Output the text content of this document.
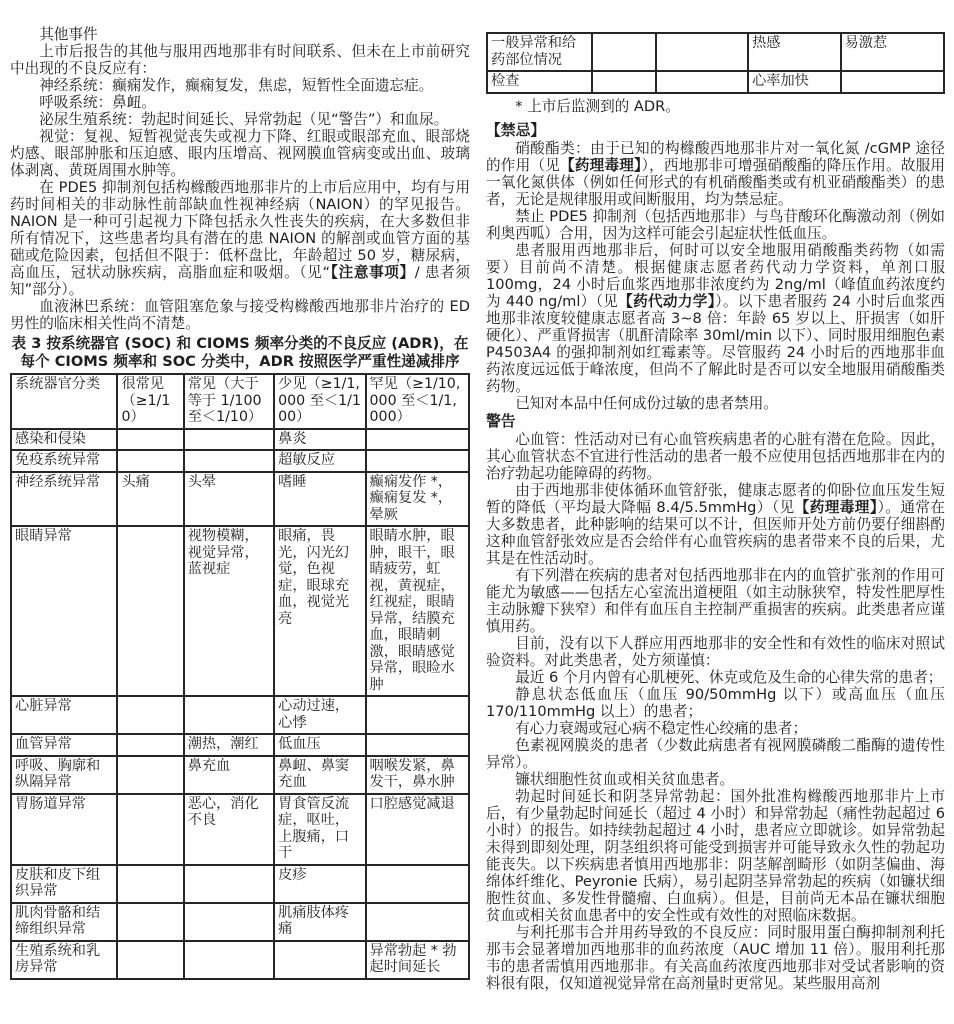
其他事件
上市后报告的其他与服用西地那非有时间联系、但未在上市前研究中出现的不良反应有：
神经系统：癫痫发作，癫痫复发，焦虑，短暂性全面遗忘症。
呼吸系统：鼻衄。
泌尿生殖系统：勃起时间延长、异常勃起（见“警告”）和血尿。
视觉：复视、短暂视觉丧失或视力下降、红眼或眼部充血、眼部烧灼感、眼部肿胀和压迫感、眼内压增高、视网膜血管病变或出血、玻璃体剥离、黄斑周围水肿等。
在 PDE5 抑制剂包括构橼酸西地那非片的上市后应用中，均有与用药时间相关的非动脉性前部缺血性视神经病（NAION）的罕见报告。NAION 是一种可引起视力下降包括永久性丧失的疾病，在大多数但非所有情况下，这些患者均具有潜在的患 NAION 的解剖或血管方面的基础或危险因素，包括但不限于：低杯盘比，年龄超过 50 岁，糖尿病，高血压，冠状动脉疾病，高脂血症和吸烟。（见“【注意事项】/ 患者须知”部分）。
血液淋巴系统：血管阻塞危象与接受构橼酸西地那非片治疗的 ED 男性的临床相关性尚不清楚。
表 3 按系统器官 (SOC) 和 CIOMS 频率分类的不良反应 (ADR)，在每个 CIOMS 频率和 SOC 分类中，ADR 按照医学严重性递减排序
系统器官分类	很常见（≥1/10）	常见（大于等于 1/100 至＜1/10）	少见（≥1/1,000 至＜1/100）	罕见（≥1/10,000 至＜1/1,000）
感染和侵染			鼻炎	
免疫系统异常			超敏反应	
神经系统异常	头痛	头晕	嗜睡	癫痫发作 *，癫痫复发 *，晕厥
眼睛异常		视物模糊，视觉异常，蓝视症	眼痛，畏光，闪光幻觉，色视症，眼球充血，视觉光亮	眼睛水肿，眼肿，眼干，眼睛疲劳，虹视，黄视症，红视症，眼睛异常，结膜充血，眼睛刺激，眼睛感觉异常，眼睑水肿
心脏异常			心动过速，心悸	
血管异常		潮热，潮红	低血压	
呼吸、胸廓和纵隔异常		鼻充血	鼻衄、鼻窦充血	咽喉发紧，鼻发干，鼻水肿
胃肠道异常		恶心，消化不良	胃食管反流症，呕吐，上腹痛，口干	口腔感觉减退
皮肤和皮下组织异常			皮疹	
肌肉骨骼和结缔组织异常			肌痛肢体疼痛	
生殖系统和乳房异常				异常勃起 * 勃起时间延长
一般异常和给药部位情况			热感	易激惹
检查			心率加快	
* 上市后监测到的 ADR。
【禁忌】
硝酸酯类：由于已知的构橼酸西地那非片对一氧化氮 /cGMP 途径的作用（见【药理毒理】），西地那非可增强硝酸酯的降压作用。故服用一氧化氮供体（例如任何形式的有机硝酸酯类或有机亚硝酸酯类）的患者，无论是规律服用或间断服用，均为禁忌症。
禁止 PDE5 抑制剂（包括西地那非）与鸟苷酸环化酶激动剂（例如利奥西呱）合用，因为这样可能会引起症状性低血压。
患者服用西地那非后，何时可以安全地服用硝酸酯类药物（如需要）目前尚不清楚。根据健康志愿者药代动力学资料，单剂口服 100mg，24 小时后血浆西地那非浓度约为 2ng/ml（峰值血药浓度约为 440 ng/ml）（见【药代动力学】）。以下患者服药 24 小时后血浆西地那非浓度较健康志愿者高 3~8 倍：年龄 65 岁以上、肝损害（如肝硬化）、严重肾损害（肌酐清除率 30ml/min 以下）、同时服用细胞色素 P4503A4 的强抑制剂如红霉素等。尽管服药 24 小时后的西地那非血药浓度远远低于峰浓度，但尚不了解此时是否可以安全地服用硝酸酯类药物。
已知对本品中任何成份过敏的患者禁用。
警告
心血管：性活动对已有心血管疾病患者的心脏有潜在危险。因此，其心血管状态不宜进行性活动的患者一般不应使用包括西地那非在内的治疗勃起功能障碍的药物。
由于西地那非使体循环血管舒张，健康志愿者的仰卧位血压发生短暂的降低（平均最大降幅 8.4/5.5mmHg）（见【药理毒理】）。通常在大多数患者，此种影响的结果可以不计，但医师开处方前仍要仔细斟酌这种血管舒张效应是否会给伴有心血管疾病的患者带来不良的后果，尤其是在性活动时。
有下列潜在疾病的患者对包括西地那非在内的血管扩张剂的作用可能尤为敏感——包括左心室流出道梗阻（如主动脉狭窄，特发性肥厚性主动脉瓣下狭窄）和伴有血压自主控制严重损害的疾病。此类患者应谨慎用药。
目前，没有以下人群应用西地那非的安全性和有效性的临床对照试验资料。对此类患者，处方须谨慎：
最近 6 个月内曾有心肌梗死、休克或危及生命的心律失常的患者；
静息状态低血压（血压 90/50mmHg 以下）或高血压（血压 170/110mmHg 以上）的患者；
有心力衰竭或冠心病不稳定性心绞痛的患者；
色素视网膜炎的患者（少数此病患者有视网膜磷酸二酯酶的遗传性异常）。
镰状细胞性贫血或相关贫血患者。
勃起时间延长和阴茎异常勃起：国外批准构橼酸西地那非片上市后，有少量勃起时间延长（超过 4 小时）和异常勃起（痛性勃起超过 6 小时）的报告。如持续勃起超过 4 小时，患者应立即就诊。如异常勃起未得到即刻处理，阴茎组织将可能受到损害并可能导致永久性的勃起功能丧失。以下疾病患者慎用西地那非：阴茎解剖畸形（如阴茎偏曲、海绵体纤维化、Peyronie 氏病），易引起阴茎异常勃起的疾病（如镰状细胞性贫血、多发性骨髓瘤、白血病）。但是，目前尚无本品在镰状细胞贫血或相关贫血患者中的安全性或有效性的对照临床数据。
与利托那韦合并用药导致的不良反应：同时服用蛋白酶抑制剂利托那韦会显著增加西地那非的血药浓度（AUC 增加 11 倍）。服用利托那韦的患者需慎用西地那非。有关高血药浓度西地那非对受试者影响的资料很有限，仅知道视觉异常在高剂量时更常见。某些服用高剂
